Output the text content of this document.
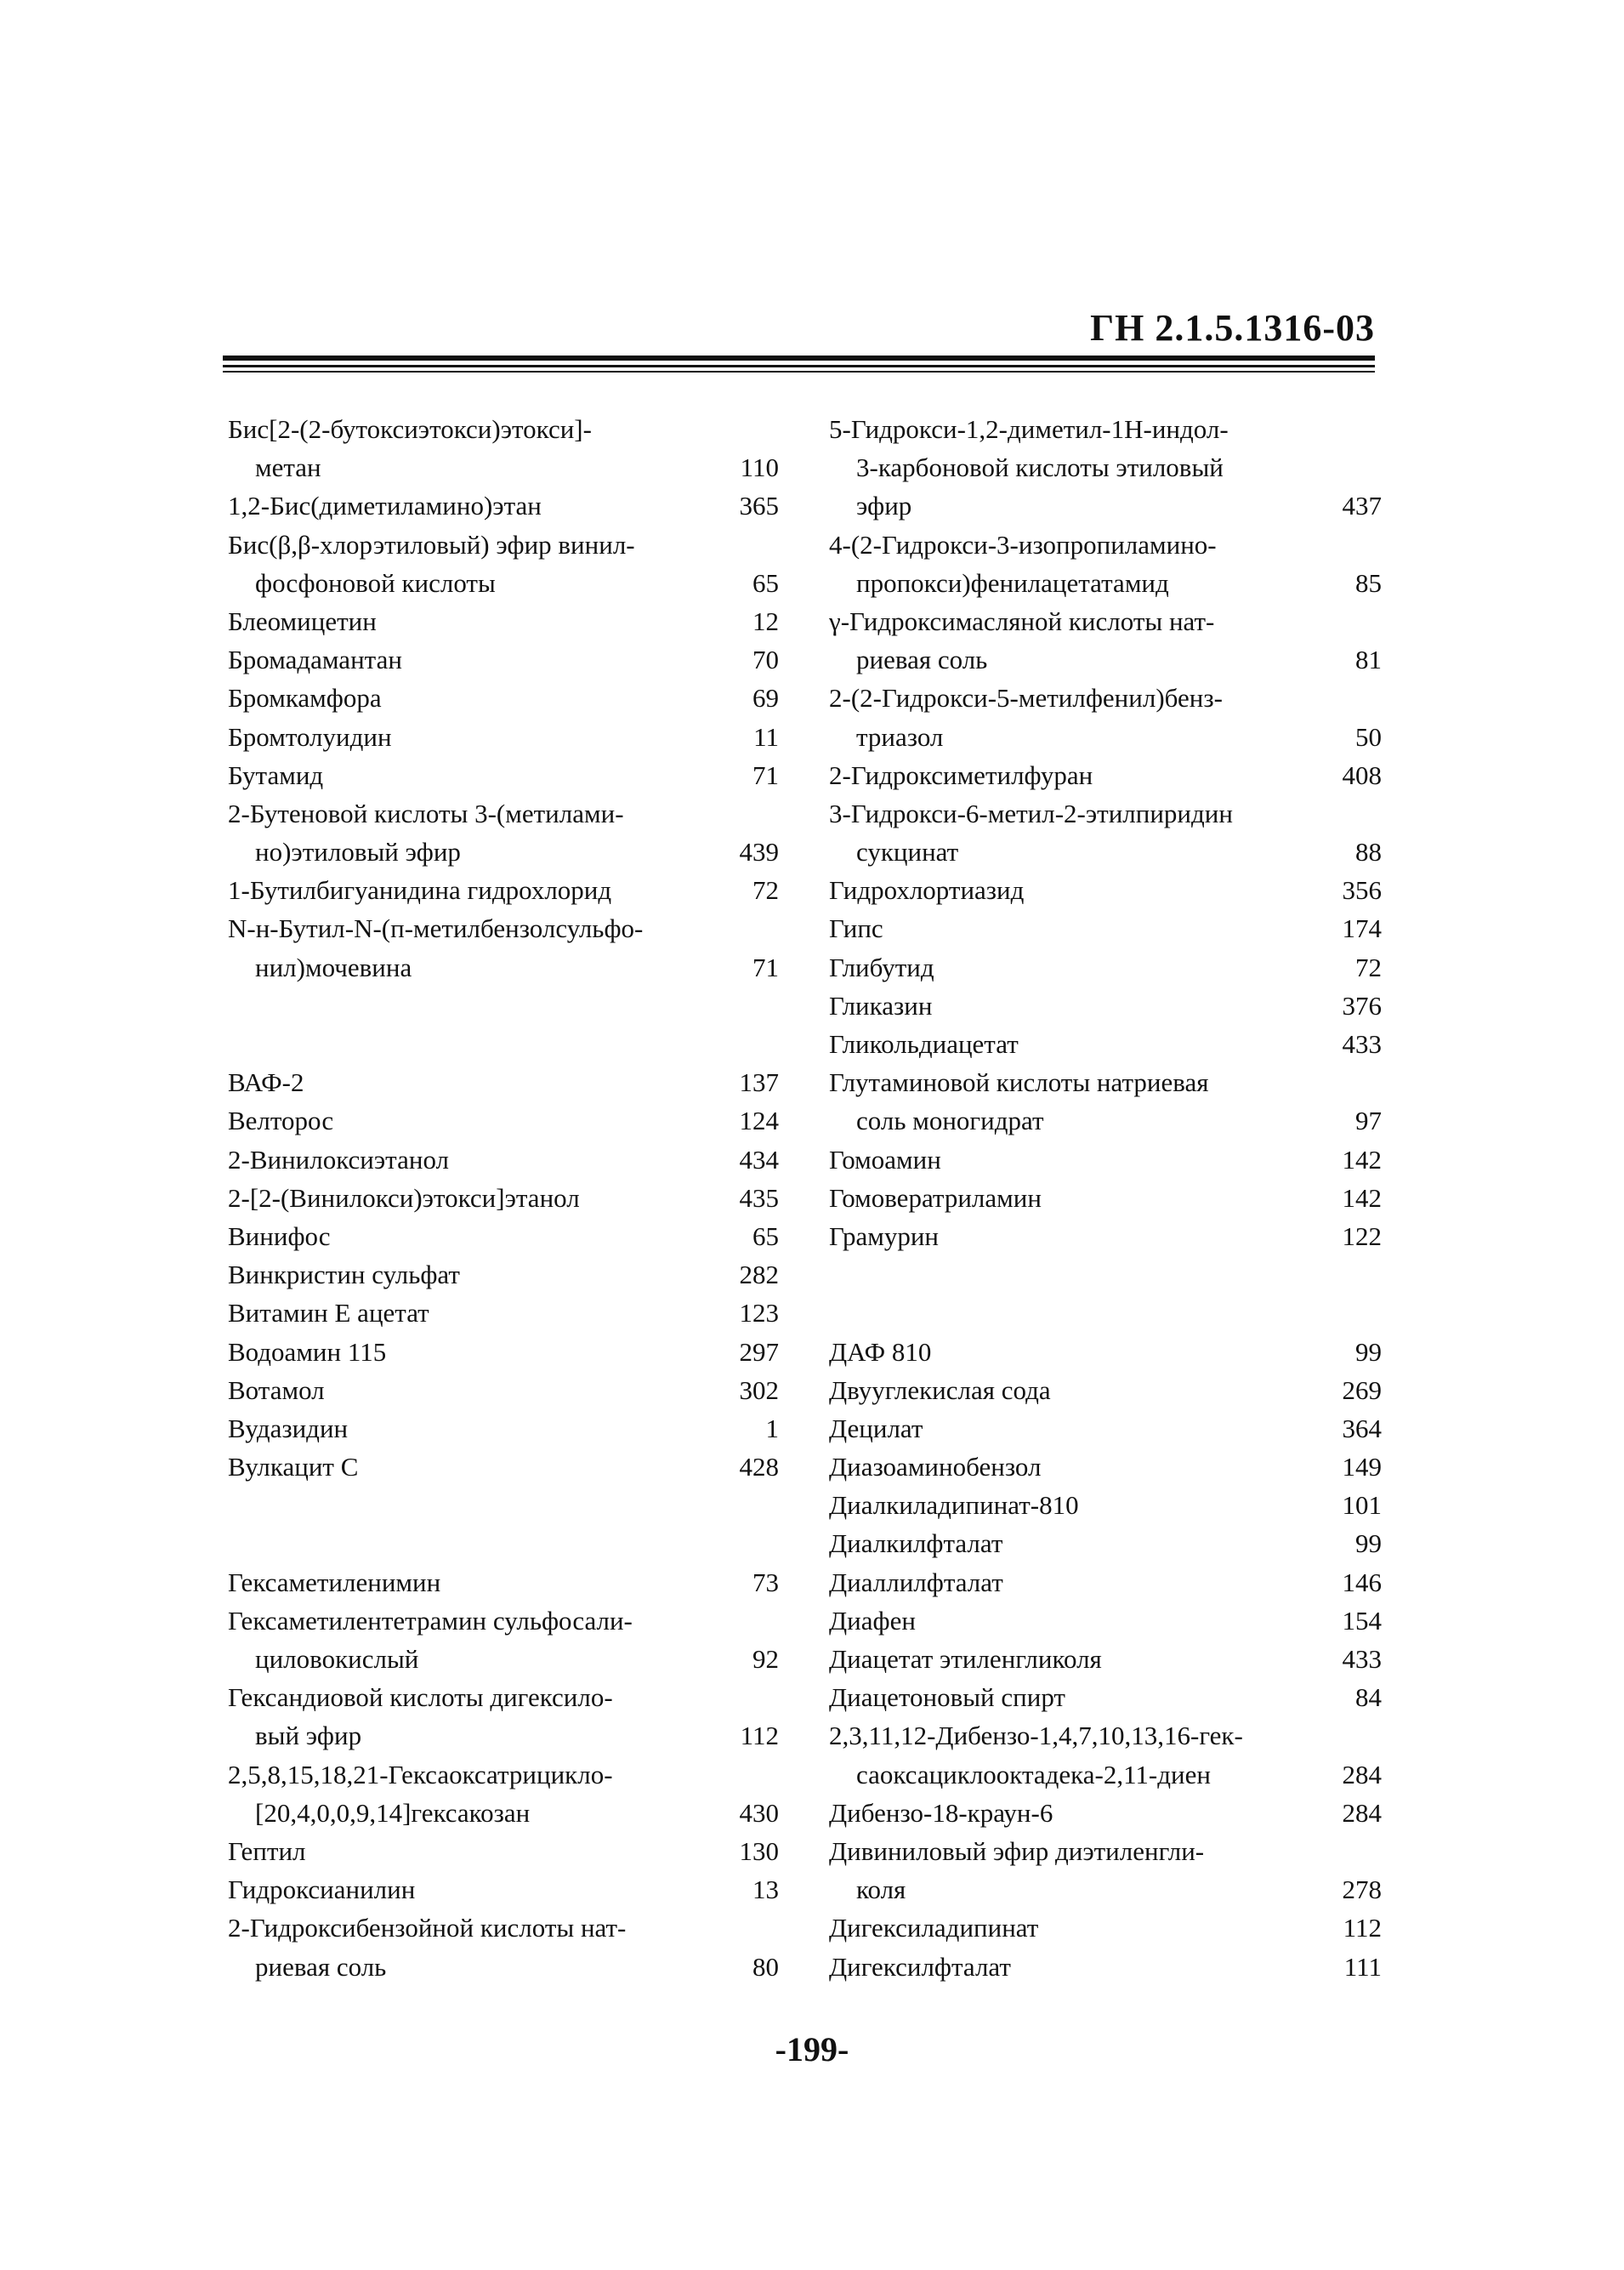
ГН 2.1.5.1316-03
Бис[2-(2-бутоксиэтокси)этокси]-
метан	110
1,2-Бис(диметиламино)этан	365
Бис(β,β-хлорэтиловый) эфир винил-
фосфоновой кислоты	65
Блеомицетин	12
Бромадамантан	70
Бромкамфора	69
Бромтолуидин	11
Бутамид	71
2-Бутеновой кислоты 3-(метилами-
но)этиловый эфир	439
1-Бутилбигуанидина гидрохлорид	72
N-н-Бутил-N-(п-метилбензолсульфо-
нил)мочевина	71
ВАФ-2	137
Велторос	124
2-Винилоксиэтанол	434
2-[2-(Винилокси)этокси]этанол	435
Винифос	65
Винкристин сульфат	282
Витамин Е ацетат	123
Водоамин 115	297
Вотамол	302
Вудазидин	1
Вулкацит С	428
Гексаметиленимин	73
Гексаметилентетрамин сульфосали-
циловокислый	92
Гександиовой кислоты дигексило-
вый эфир	112
2,5,8,15,18,21-Гексаоксатрицикло-
[20,4,0,0,9,14]гексакозан	430
Гептил	130
Гидроксианилин	13
2-Гидроксибензойной кислоты нат-
риевая соль	80
5-Гидрокси-1,2-диметил-1Н-индол-
3-карбоновой кислоты этиловый
эфир	437
4-(2-Гидрокси-3-изопропиламино-
пропокси)фенилацетатамид	85
γ-Гидроксимасляной кислоты нат-
риевая соль	81
2-(2-Гидрокси-5-метилфенил)бенз-
триазол	50
2-Гидроксиметилфуран	408
3-Гидрокси-6-метил-2-этилпиридин
сукцинат	88
Гидрохлортиазид	356
Гипс	174
Глибутид	72
Гликазин	376
Гликольдиацетат	433
Глутаминовой кислоты натриевая
соль моногидрат	97
Гомоамин	142
Гомовератриламин	142
Грамурин	122
ДАФ 810	99
Двууглекислая сода	269
Децилат	364
Диазоаминобензол	149
Диалкиладипинат-810	101
Диалкилфталат	99
Диаллилфталат	146
Диафен	154
Диацетат этиленгликоля	433
Диацетоновый спирт	84
2,3,11,12-Дибензо-1,4,7,10,13,16-гек-
саоксациклооктадека-2,11-диен	284
Дибензо-18-краун-6	284
Дивиниловый эфир диэтиленгли-
коля	278
Дигексиладипинат	112
Дигексилфталат	111
-199-
